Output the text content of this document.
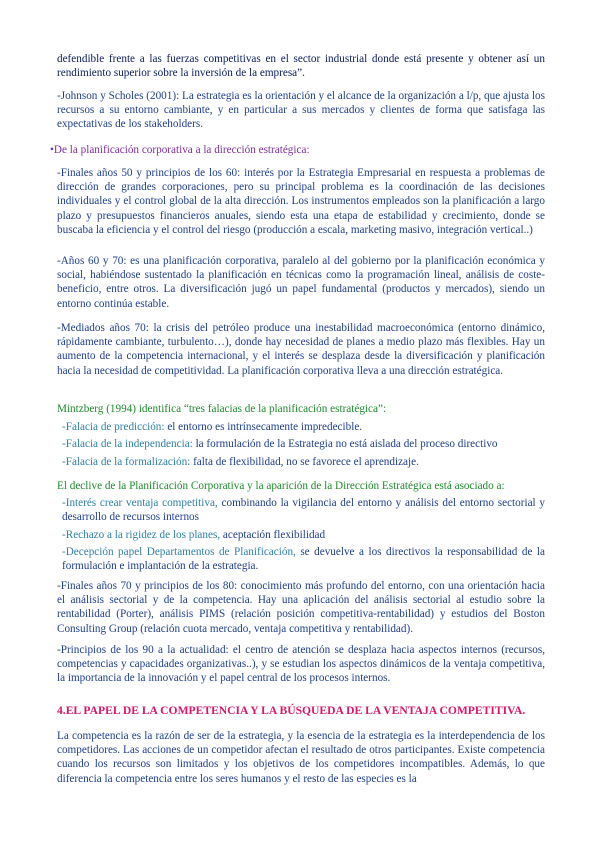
defendible frente a las fuerzas competitivas en el sector industrial donde está presente y obtener así un rendimiento superior sobre la inversión de la empresa”.

-Johnson y Scholes (2001): La estrategia es la orientación y el alcance de la organización a l/p, que ajusta los recursos a su entorno cambiante, y en particular a sus mercados y clientes de forma que satisfaga las expectativas de los stakeholders.

•De la planificación corporativa a la dirección estratégica:

-Finales años 50 y principios de los 60: interés por la Estrategia Empresarial en respuesta a problemas de dirección de grandes corporaciones, pero su principal problema es la coordinación de las decisiones individuales y el control global de la alta dirección. Los instrumentos empleados son la planificación a largo plazo y presupuestos financieros anuales, siendo esta una etapa de estabilidad y crecimiento, donde se buscaba la eficiencia y el control del riesgo (producción a escala, marketing masivo, integración vertical..)

-Años 60 y 70: es una planificación corporativa, paralelo al del gobierno por la planificación económica y social, habiéndose sustentado la planificación en técnicas como la programación lineal, análisis de coste-beneficio, entre otros. La diversificación jugó un papel fundamental (productos y mercados), siendo un entorno continúa estable.

-Mediados años 70: la crisis del petróleo produce una inestabilidad macroeconómica (entorno dinámico, rápidamente cambiante, turbulento…), donde hay necesidad de planes a medio plazo más flexibles. Hay un aumento de la competencia internacional, y el interés se desplaza desde la diversificación y planificación hacia la necesidad de competitividad. La planificación corporativa lleva a una dirección estratégica.

Mintzberg (1994) identifica “tres falacias de la planificación estratégica”:

-Falacia de predicción: el entorno es intrínsecamente impredecible.

-Falacia de la independencia: la formulación de la Estrategia no está aislada del proceso directivo

-Falacia de la formalización: falta de flexibilidad, no se favorece el aprendizaje.

El declive de la Planificación Corporativa y la aparición de la Dirección Estratégica está asociado a:

-Interés crear ventaja competitiva, combinando la vigilancia del entorno y análisis del entorno sectorial y desarrollo de recursos internos

-Rechazo a la rigidez de los planes, aceptación flexibilidad

-Decepción papel Departamentos de Planificación, se devuelve a los directivos la responsabilidad de la formulación e implantación de la estrategia.

-Finales años 70 y principios de los 80: conocimiento más profundo del entorno, con una orientación hacia el análisis sectorial y de la competencia. Hay una aplicación del análisis sectorial al estudio sobre la rentabilidad (Porter), análisis PIMS (relación posición competitiva-rentabilidad) y estudios del Boston Consulting Group (relación cuota mercado, ventaja competitiva y rentabilidad).

-Principios de los 90 a la actualidad: el centro de atención se desplaza hacia aspectos internos (recursos, competencias y capacidades organizativas..), y se estudian los aspectos dinámicos de la ventaja competitiva, la importancia de la innovación y el papel central de los procesos internos.

4.EL PAPEL DE LA COMPETENCIA Y LA BÚSQUEDA DE LA VENTAJA COMPETITIVA.

La competencia es la razón de ser de la estrategia, y la esencia de la estrategia es la interdependencia de los competidores. Las acciones de un competidor afectan el resultado de otros participantes. Existe competencia cuando los recursos son limitados y los objetivos de los competidores incompatibles. Además, lo que diferencia la competencia entre los seres humanos y el resto de las especies es la
